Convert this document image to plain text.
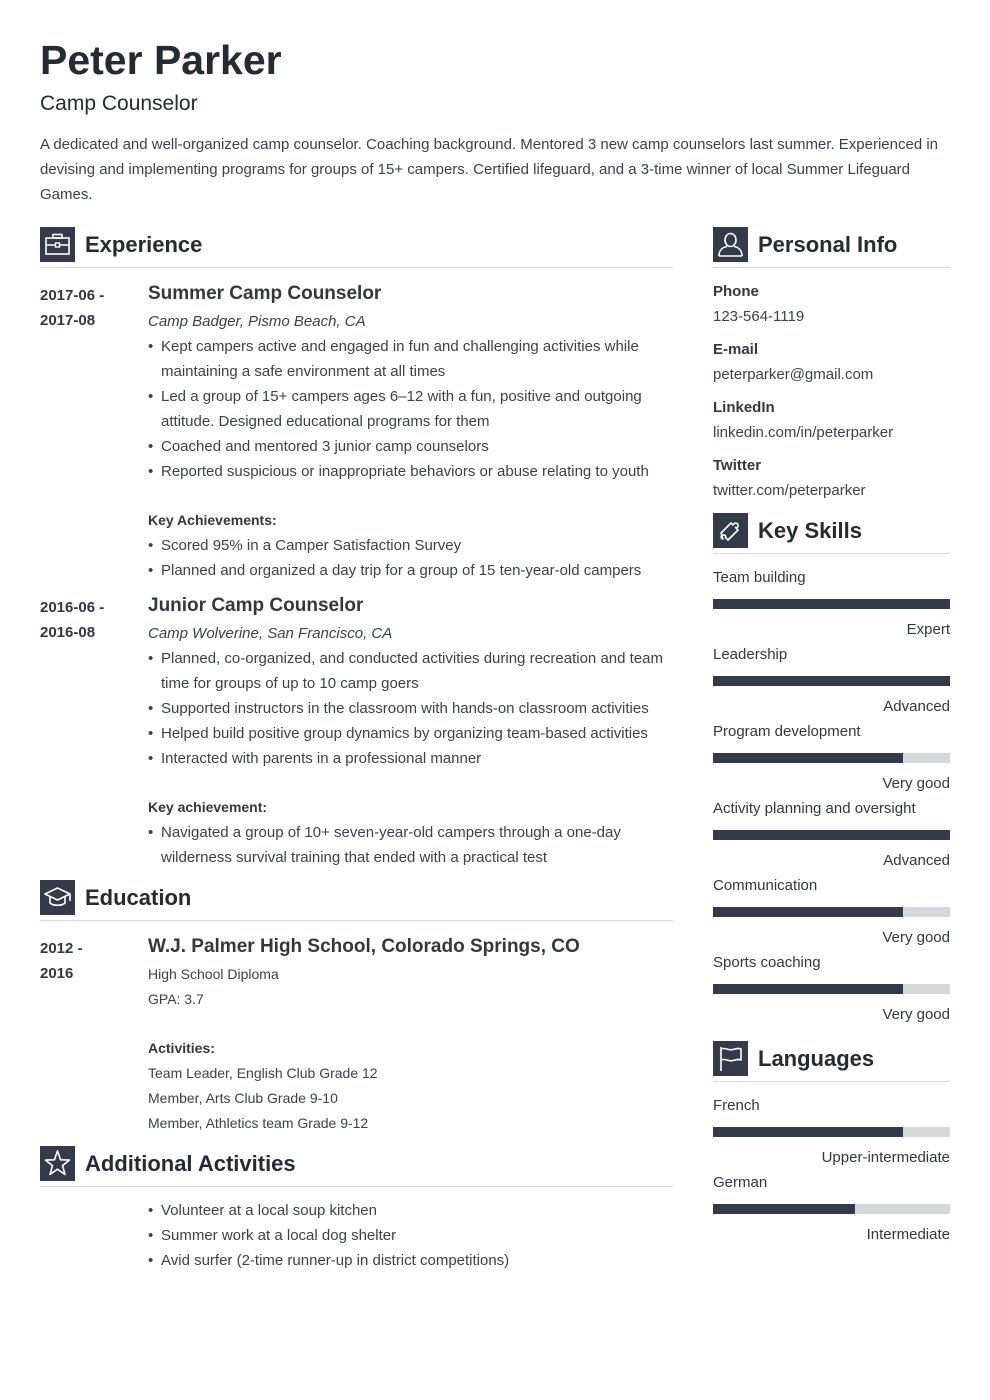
Peter Parker
Camp Counselor
A dedicated and well-organized camp counselor. Coaching background. Mentored 3 new camp counselors last summer. Experienced in devising and implementing programs for groups of 15+ campers. Certified lifeguard, and a 3-time winner of local Summer Lifeguard Games.
Experience
2017-06 -
2017-08
Summer Camp Counselor
Camp Badger, Pismo Beach, CA
• Kept campers active and engaged in fun and challenging activities while maintaining a safe environment at all times
• Led a group of 15+ campers ages 6–12 with a fun, positive and outgoing attitude. Designed educational programs for them
• Coached and mentored 3 junior camp counselors
• Reported suspicious or inappropriate behaviors or abuse relating to youth
Key Achievements:
• Scored 95% in a Camper Satisfaction Survey
• Planned and organized a day trip for a group of 15 ten-year-old campers
2016-06 -
2016-08
Junior Camp Counselor
Camp Wolverine, San Francisco, CA
• Planned, co-organized, and conducted activities during recreation and team time for groups of up to 10 camp goers
• Supported instructors in the classroom with hands-on classroom activities
• Helped build positive group dynamics by organizing team-based activities
• Interacted with parents in a professional manner
Key achievement:
• Navigated a group of 10+ seven-year-old campers through a one-day wilderness survival training that ended with a practical test
Education
2012 -
2016
W.J. Palmer High School, Colorado Springs, CO
High School Diploma
GPA: 3.7
Activities:
Team Leader, English Club Grade 12
Member, Arts Club Grade 9-10
Member, Athletics team Grade 9-12
Additional Activities
• Volunteer at a local soup kitchen
• Summer work at a local dog shelter
• Avid surfer (2-time runner-up in district competitions)
Personal Info
Phone
123-564-1119
E-mail
peterparker@gmail.com
LinkedIn
linkedin.com/in/peterparker
Twitter
twitter.com/peterparker
Key Skills
Team building
Expert
Leadership
Advanced
Program development
Very good
Activity planning and oversight
Advanced
Communication
Very good
Sports coaching
Very good
Languages
French
Upper-intermediate
German
Intermediate
